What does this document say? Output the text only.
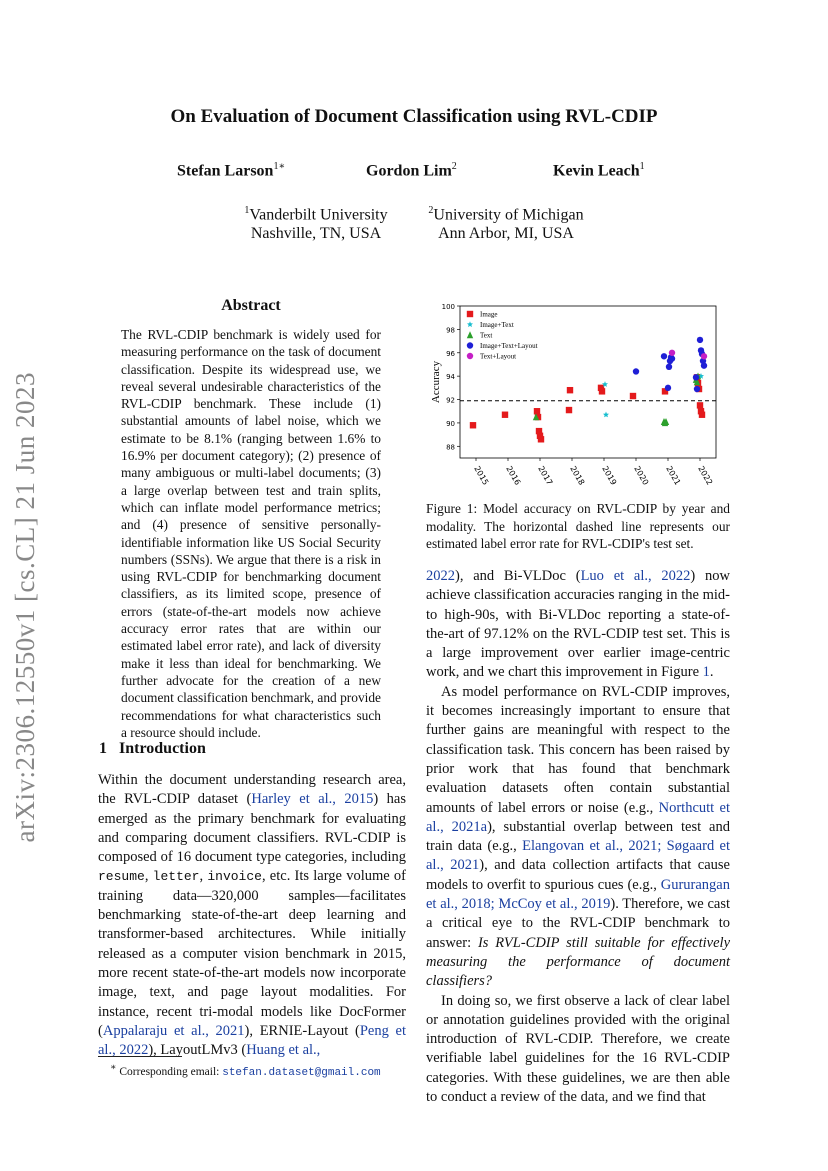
arXiv:2306.12550v1 [cs.CL] 21 Jun 2023
On Evaluation of Document Classification using RVL-CDIP
Stefan Larson$^{1∗}$	Gordon Lim$^2$	Kevin Leach$^1$
$^1$Vanderbilt University
Nashville, TN, USA
$^2$University of Michigan
Ann Arbor, MI, USA
Abstract
The RVL-CDIP benchmark is widely used for measuring performance on the task of document classification. Despite its widespread use, we reveal several undesirable characteristics of the RVL-CDIP benchmark. These include (1) substantial amounts of label noise, which we estimate to be 8.1% (ranging between 1.6% to 16.9% per document category); (2) presence of many ambiguous or multi-label documents; (3) a large overlap between test and train splits, which can inflate model performance metrics; and (4) presence of sensitive personally-identifiable information like US Social Security numbers (SSNs). We argue that there is a risk in using RVL-CDIP for benchmarking document classifiers, as its limited scope, presence of errors (state-of-the-art models now achieve accuracy error rates that are within our estimated label error rate), and lack of diversity make it less than ideal for benchmarking. We further advocate for the creation of a new document classification benchmark, and provide recommendations for what characteristics such a resource should include.
1   Introduction

Within the document understanding research area, the RVL-CDIP dataset (Harley et al., 2015) has emerged as the primary benchmark for evaluating and comparing document classifiers. RVL-CDIP is composed of 16 document type categories, including resume, letter, invoice, etc. Its large volume of training data—320,000 samples—facilitates benchmarking state-of-the-art deep learning and transformer-based architectures. While initially released as a computer vision benchmark in 2015, more recent state-of-the-art models now incorporate image, text, and page layout modalities. For instance, recent tri-modal models like DocFormer (Appalaraju et al., 2021), ERNIE-Layout (Peng et al., 2022), LayoutLMv3 (Huang et al.,

∗ Corresponding email: stefan.dataset@gmail.com
88
90
92
94
96
98
100
2015 2016 2017 2018 2019 2020 2021 2022
Accuracy
Image
Image+Text
Text
Image+Text+Layout
Text+Layout
Figure 1: Model accuracy on RVL-CDIP by year and modality. The horizontal dashed line represents our estimated label error rate for RVL-CDIP's test set.

2022), and Bi-VLDoc (Luo et al., 2022) now achieve classification accuracies ranging in the mid- to high-90s, with Bi-VLDoc reporting a state-of-the-art of 97.12% on the RVL-CDIP test set. This is a large improvement over earlier image-centric work, and we chart this improvement in Figure 1.

As model performance on RVL-CDIP improves, it becomes increasingly important to ensure that further gains are meaningful with respect to the classification task. This concern has been raised by prior work that has found that benchmark evaluation datasets often contain substantial amounts of label errors or noise (e.g., Northcutt et al., 2021a), substantial overlap between test and train data (e.g., Elangovan et al., 2021; Søgaard et al., 2021), and data collection artifacts that cause models to overfit to spurious cues (e.g., Gururangan et al., 2018; McCoy et al., 2019). Therefore, we cast a critical eye to the RVL-CDIP benchmark to answer: Is RVL-CDIP still suitable for effectively measuring the performance of document classifiers?

In doing so, we first observe a lack of clear label or annotation guidelines provided with the original introduction of RVL-CDIP. Therefore, we create verifiable label guidelines for the 16 RVL-CDIP categories. With these guidelines, we are then able to conduct a review of the data, and we find that
